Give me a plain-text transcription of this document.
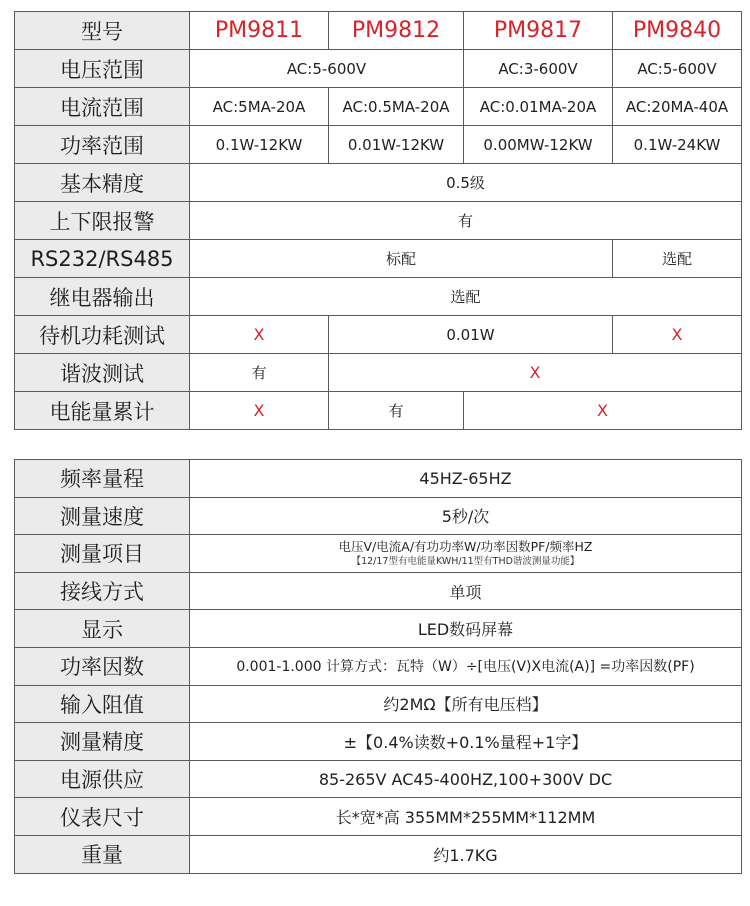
型号	PM9811	PM9812	PM9817	PM9840
电压范围	AC:5-600V		AC:3-600V	AC:5-600V
电流范围	AC:5MA-20A	AC:0.5MA-20A	AC:0.01MA-20A	AC:20MA-40A
功率范围	0.1W-12KW	0.01W-12KW	0.00MW-12KW	0.1W-24KW
基本精度	0.5级			
上下限报警	有			
RS232/RS485	标配			选配
继电器输出	选配			
待机功耗测试	X	0.01W		X
谐波测试	有	X		
电能量累计	X	有	X	
频率量程	45HZ-65HZ
测量速度	5秒/次
测量项目	电压V/电流A/有功功率W/功率因数PF/频率HZ
【12/17型有电能量KWH/11型有THD谐波测量功能】

接线方式	单项
显示	LED数码屏幕
功率因数	0.001-1.000 计算方式：瓦特（W）÷[电压(V)X电流(A)] =功率因数(PF)
输入阻值	约2MΩ【所有电压档】
测量精度	±【0.4%读数+0.1%量程+1字】
电源供应	85-265V AC45-400HZ,100+300V DC
仪表尺寸	长*宽*高 355MM*255MM*112MM
重量	约1.7KG
